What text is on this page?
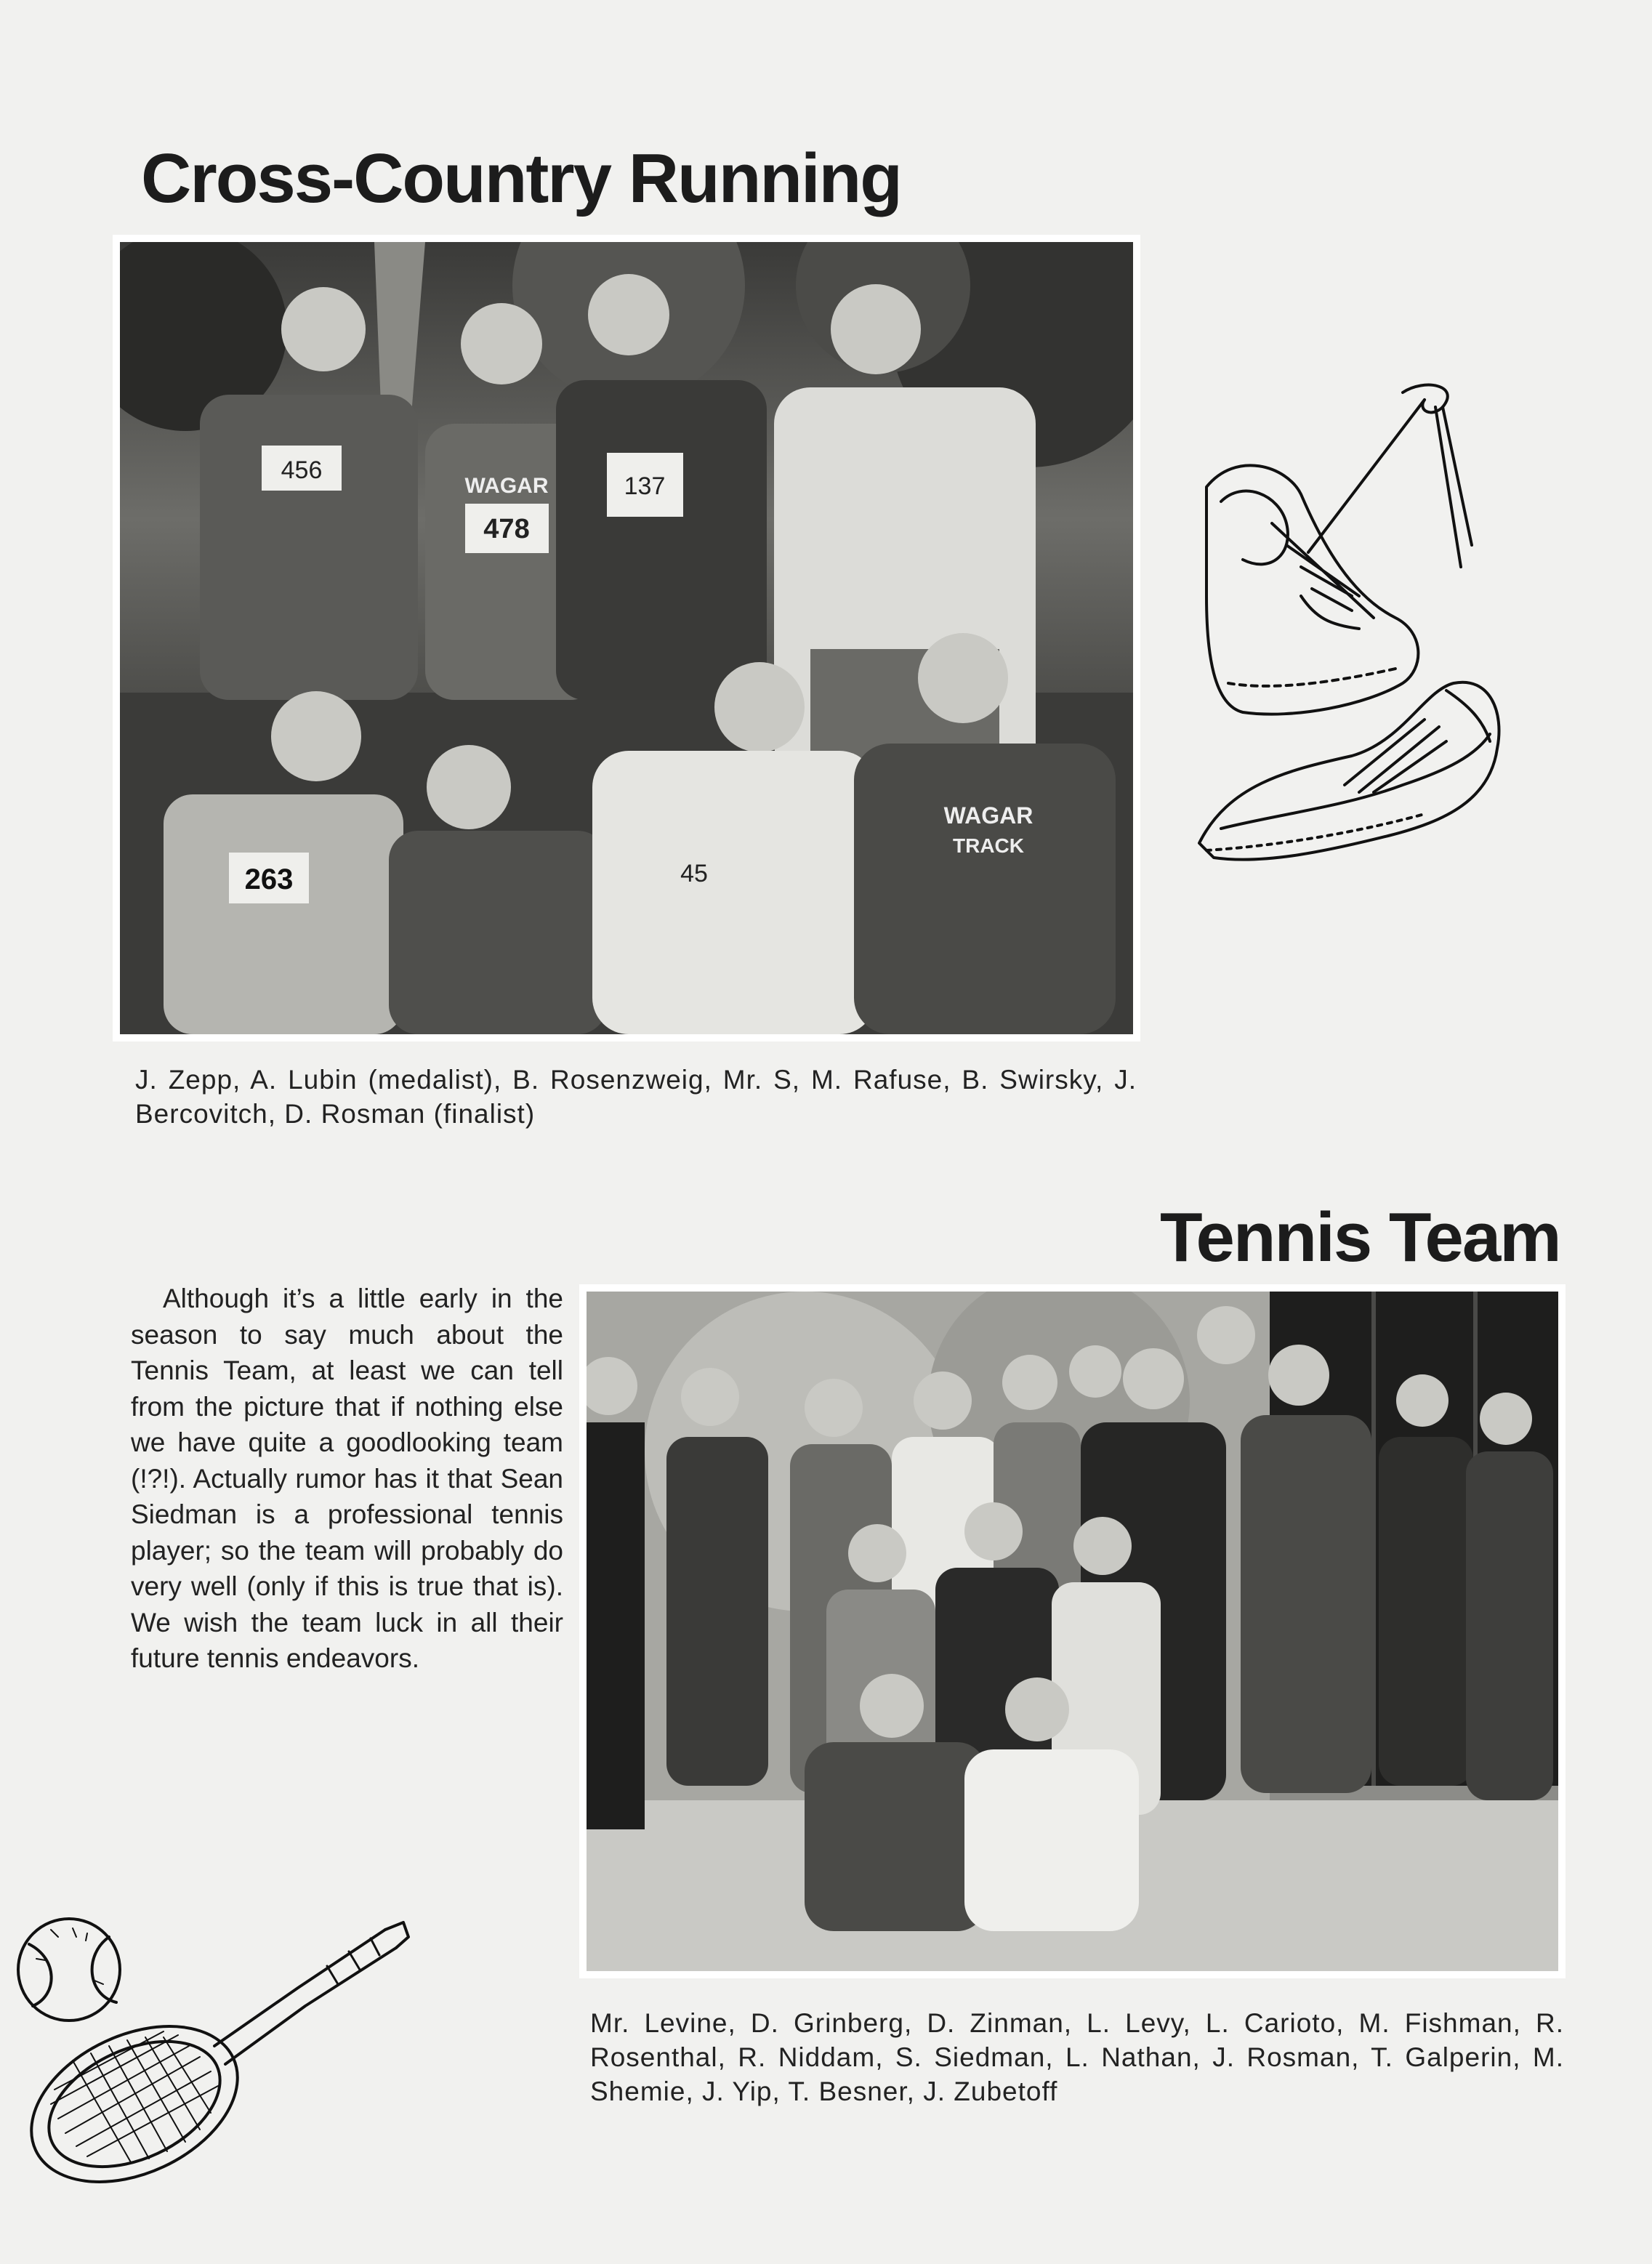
Cross-Country Running
456
478
WAGAR	137
263	45
WAGAR
TRACK
J. Zepp, A. Lubin (medalist), B. Rosenzweig, Mr. S, M. Rafuse, B. Swirsky, J. Bercovitch, D. Rosman (finalist)
Tennis Team
Although it’s a little early in the season to say much about the Tennis Team, at least we can tell from the picture that if nothing else we have quite a goodlooking team (!?!). Actually rumor has it that Sean Siedman is a professional tennis player; so the team will probably do very well (only if this is true that is). We wish the team luck in all their future tennis endeavors.
Mr. Levine, D. Grinberg, D. Zinman, L. Levy, L. Carioto, M. Fishman, R. Rosenthal, R. Niddam, S. Siedman, L. Nathan, J. Rosman, T. Galperin, M. Shemie, J. Yip, T. Besner, J. Zubetoff
